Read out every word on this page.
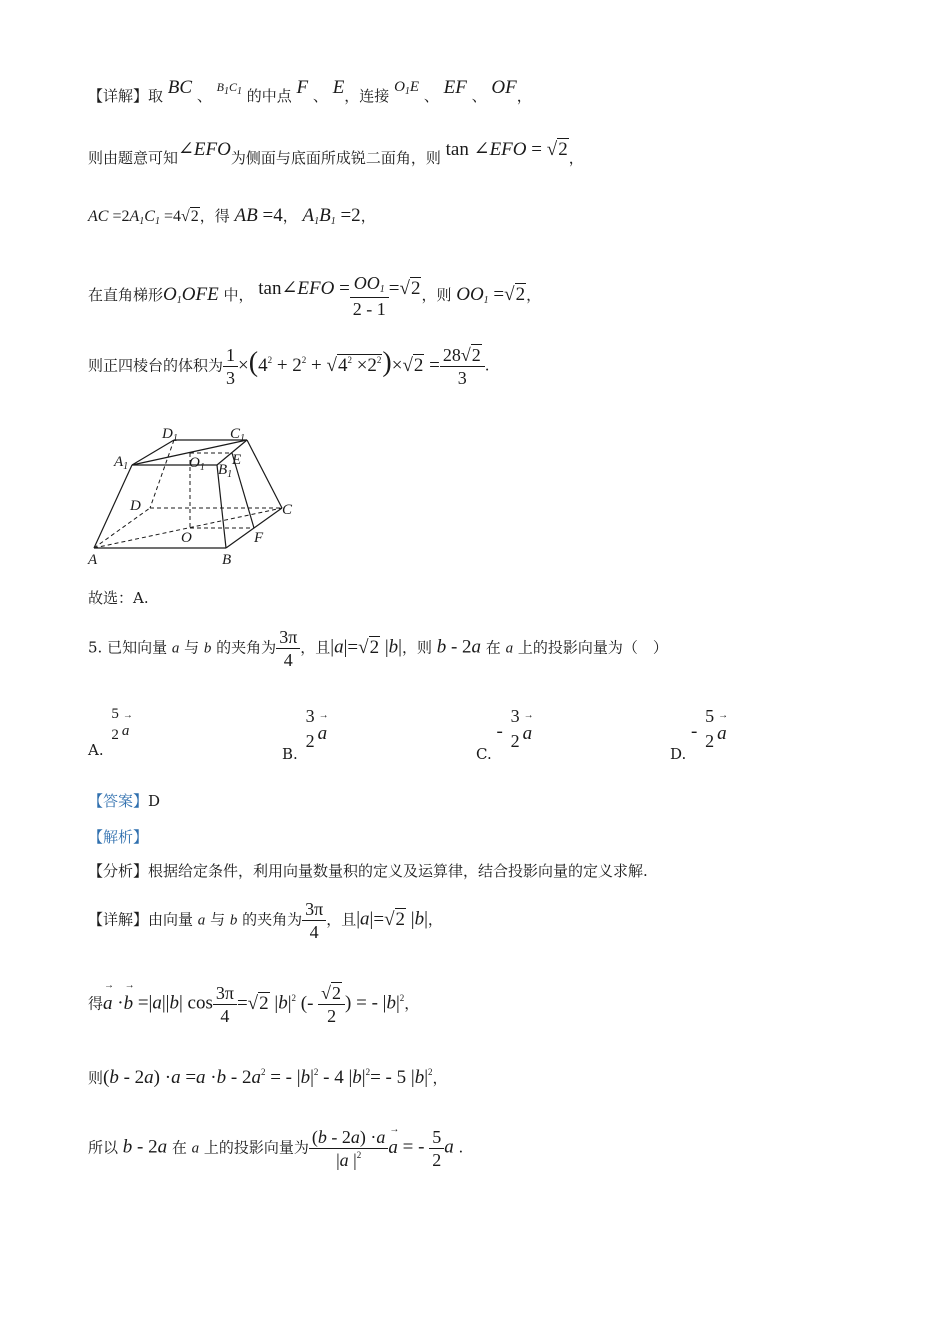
【详解】取 BC 、 $^{B_1C_1}$ 的中点 F 、 E，连接 $O_1E$ 、 EF 、 OF，
则由题意可知∠EFO为侧面与底面所成锐二面角，则 tan ∠EFO = √2，
AC $=2A_1C_1 =4√2$，得 AB =4， $A_1B_1 =2$，
在直角梯形$O_1OFE$ 中， tan∠EFO = $\frac{OO_1}{2 - 1} =√2$，则 $OO_1 =√2$，
则正四棱台的体积为 $\frac{1}{3} \times(4^2 + 2^2 + √4^2 \times 2^2)\times√2 = \frac{28√2}{3}$ .
$D_1$	$C_1$
$A_1$	$O_1$ $B_1$
E
D	C
O	F
A	B
故选：A.
5. 已知向量 a 与 b 的夹角为 $\frac{3\pi}{4}$ ，且|a|=√2 |b|，则 b - 2a 在 a 上的投影向量为（　）
A.
5
2
→ a
B.
3
2
→ a
C. -
3
2
→ a
D. -
5
2
→ a
【答案】D
【解析】
【分析】根据给定条件，利用向量数量积的定义及运算律，结合投影向量的定义求解.
【详解】由向量 a 与 b 的夹角为 $\frac{3\pi}{4}$ ，且|a|=√2 |b|，
得→ a ·→ b =|a||b| $\cos \frac{3\pi}{4} =√2$ $|b|^2$ (- $\frac{√2}{2}$ ) = - $|b|^2$，
则$(b - 2a) \cdot a =a \cdot b - 2a^2$ = - $|b|^2 - 4$ $|b|^2= - 5$ $|b|^2$，
所以 b - 2a 在 a 上的投影向量为 $\frac{(b - 2a) \cdot a}{|a |^2}$
→ a = - $\frac{5}{2}$ a .
